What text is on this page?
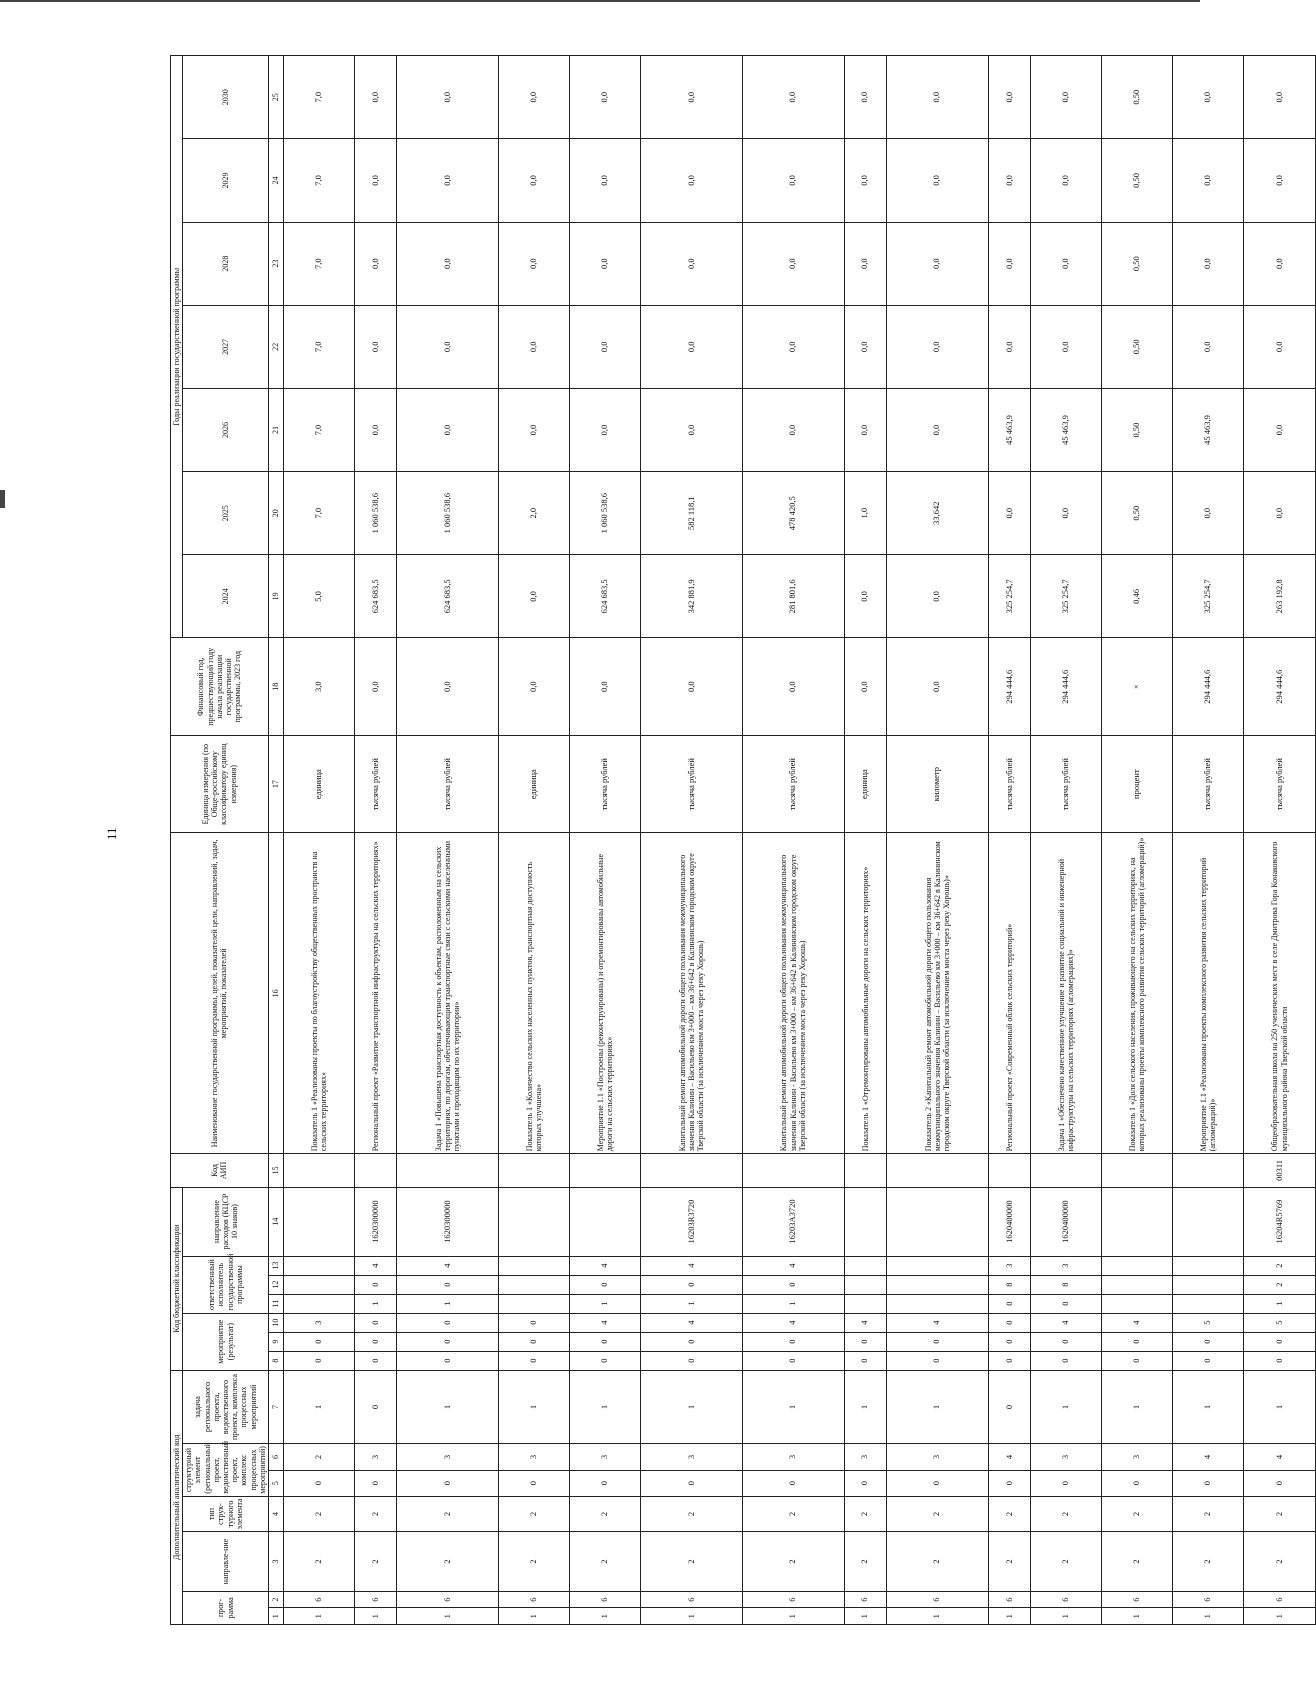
11
Дополнительный аналитический код							Код бюджетной классификации							Код АИП	Наименование государственной программы, целей, показателей цели, направлений, задач, мероприятий, показателей	Единица измерения (по Обще-российскому классификатору единиц измерения)	Финансовый год, предшествующий году начала реализации государственной программы, 2023 год	Годы реализации государственной программы						
прог-рамма		направле-ние	тип струк-турного элемента	структурный элемент (региональный проект, ведомственный проект, комплекс процессных мероприятий)		задача регионального проекта, ведомственного проекта, комплекса процессных мероприятий	мероприятие (результат)			ответственный исполнитель государственной программы			направление расходов (КЦСР 10 знаков)					2024	2025	2026	2027	2028	2029	2030

1	2	3	4	5	6	7	8	9	10	11	12	13	14	15	16	17	18	19	20	21	22	23	24	25
1	6	2	2	0	2	1	0	0	3						Показатель 1 «Реализованы проекты по благоустройству общественных пространств на сельских территориях»	единица	3,0	5,0	7,0	7,0	7,0	7,0	7,0	7,0
1	6	2	2	0	3	0	0	0	0	1	0	4	1620300000		Региональный проект «Развитие транспортной инфраструктуры на сельских территориях»	тысяча рублей	0,0	624 683,5	1 060 538,6	0,0	0,0	0,0	0,0	0,0
1	6	2	2	0	3	1	0	0	0	1	0	4	1620300000		Задача 1 «Повышена транспортная доступность к объектам, расположенным на сельских территориях, по дорогам, обеспечивающим транспортные связи с сельскими населенными пунктами и проходящим по их территории»	тысяча рублей	0,0	624 683,5	1 060 538,6	0,0	0,0	0,0	0,0	0,0
1	6	2	2	0	3	1	0	0	0						Показатель 1 «Количество сельских населенных пунктов, транспортная доступность которых улучшена»	единица	0,0	0,0	2,0	0,0	0,0	0,0	0,0	0,0
1	6	2	2	0	3	1	0	0	4	1	0	4			Мероприятие 1.1 «Построены (реконструированы) и отремонтированы автомобильные дороги на сельских территориях»	тысяча рублей	0,0	624 683,5	1 060 538,6	0,0	0,0	0,0	0,0	0,0
1	6	2	2	0	3	1	0	0	4	1	0	4	16203R3720		Капитальный ремонт автомобильной дороги общего пользования межмуниципального значения Калинин – Васильево км 3+000 – км 36+642 в Калининском городском округе Тверской области (за исключением моста через реку Хорошь)	тысяча рублей	0,0	342 881,9	582 118,1	0,0	0,0	0,0	0,0	0,0
1	6	2	2	0	3	1	0	0	4	1	0	4	16203А3720		Капитальный ремонт автомобильной дороги общего пользования межмуниципального значения Калинин - Васильево км 3+000 – км 36+642 в Калининском городском округе Тверской области (за исключением моста через реку Хорошь)	тысяча рублей	0,0	281 801,6	478 420,5	0,0	0,0	0,0	0,0	0,0
1	6	2	2	0	3	1	0	0	4						Показатель 1 «Отремонтированы автомобильные дороги на сельских территориях»	единица	0,0	0,0	1,0	0,0	0,0	0,0	0,0	0,0
1	6	2	2	0	3	1	0	0	4						Показатель 2 «Капитальный ремонт автомобильной дороги общего пользования межмуниципального значения Калинин – Васильево км 3+000 – км 36+642 в Калининском городском округе Тверской области (за исключением моста через реку Хорошь)»	километр	0,0	0,0	33,642	0,0	0,0	0,0	0,0	0,0
1	6	2	2	0	4	0	0	0	0	0	8	3	1620400000		Региональный проект «Современный облик сельских территорий»	тысяча рублей	294 444,6	325 254,7	0,0	45 463,9	0,0	0,0	0,0	0,0
1	6	2	2	0	3	1	0	0	4	0	8	3	1620400000		Задача 1 «Обеспечено качественное улучшение и развитие социальной и инженерной инфраструктуры на сельских территориях (агломерациях)»	тысяча рублей	294 444,6	325 254,7	0,0	45 463,9	0,0	0,0	0,0	0,0
1	6	2	2	0	3	1	0	0	4						Показатель 1 «Доля сельского населения, проживающего на сельских территориях, на которых реализованы проекты комплексного развития сельских территорий (агломераций)»	процент	×	0,46	0,50	0,50	0,50	0,50	0,50	0,50
1	6	2	2	0	4	1	0	0	5						Мероприятие 1.1 «Реализованы проекты комплексного развития сельских территорий (агломераций)»	тысяча рублей	294 444,6	325 254,7	0,0	45 463,9	0,0	0,0	0,0	0,0
1	6	2	2	0	4	1	0	0	5	1	2	2	16204R5769	00311	Общеобразовательная школа на 250 ученических мест в селе Дмитрова Гора Конаковского муниципального района Тверской области	тысяча рублей	294 444,6	263 192,8	0,0	0,0	0,0	0,0	0,0	0,0
